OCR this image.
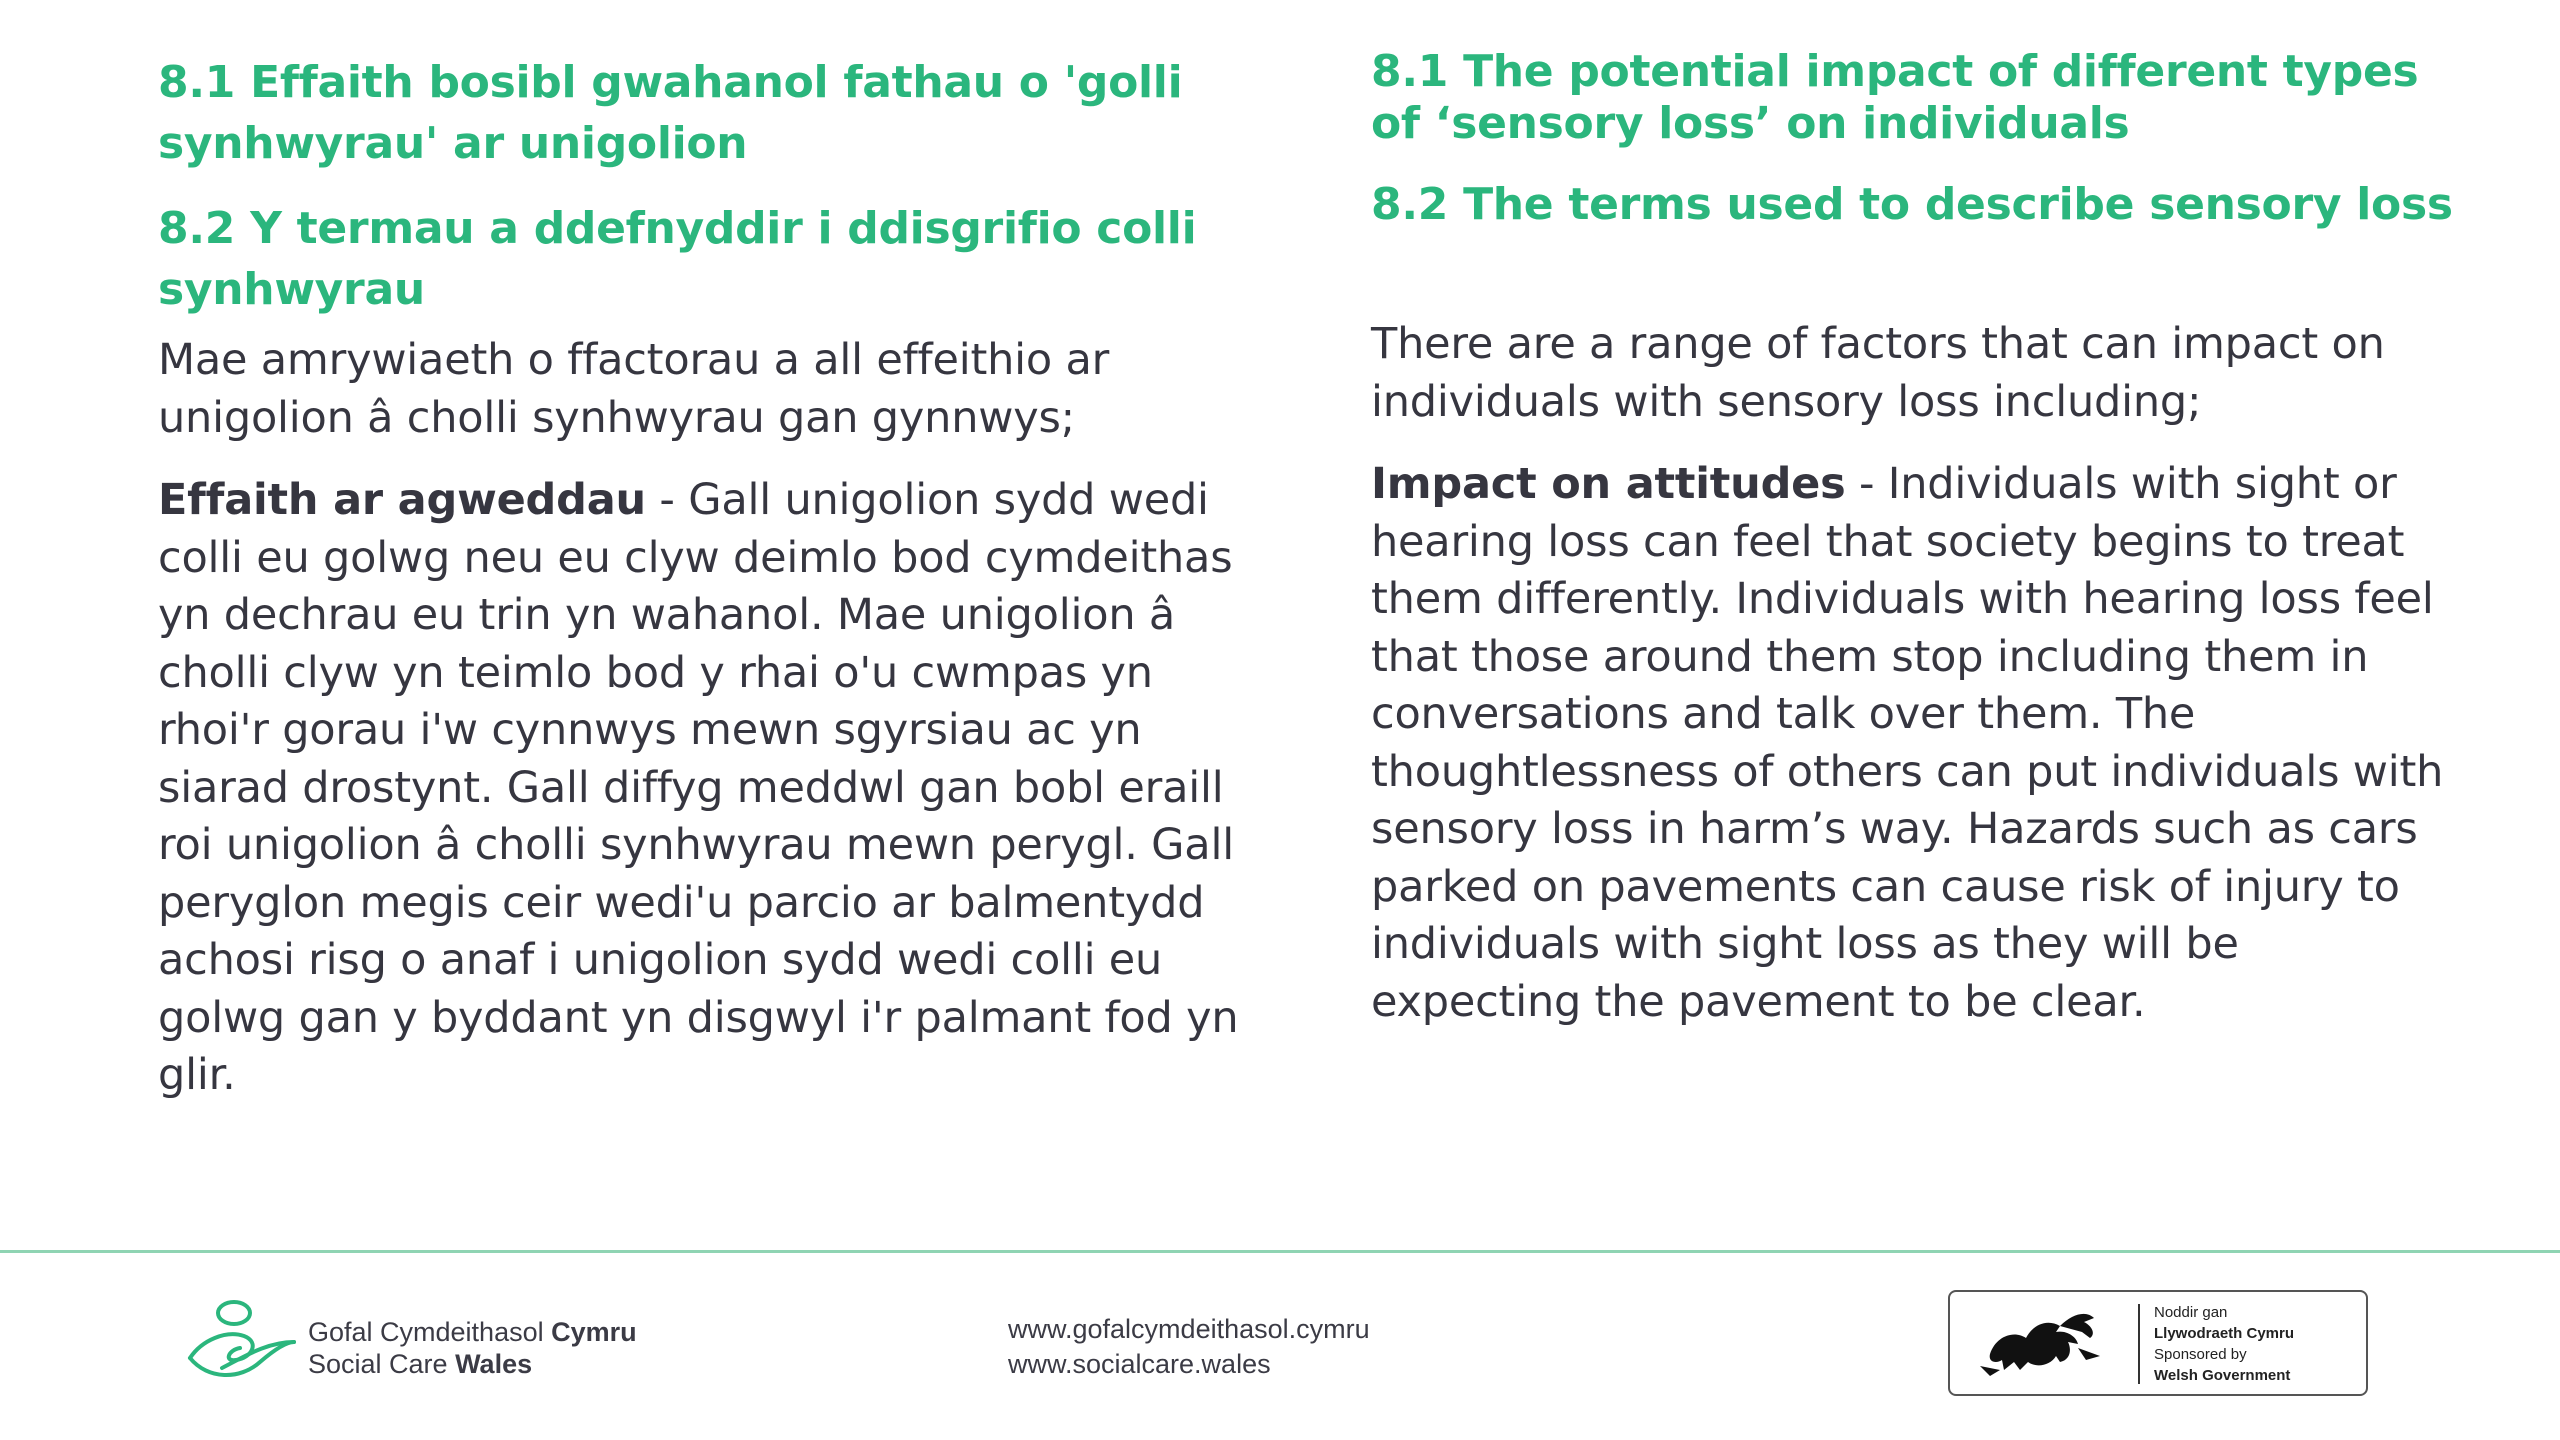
8.1 Effaith bosibl gwahanol fathau o 'golli synhwyrau' ar unigolion

8.2 Y termau a ddefnyddir i ddisgrifio colli synhwyrau

Mae amrywiaeth o ffactorau a all effeithio ar unigolion â cholli synhwyrau gan gynnwys;

Effaith ar agweddau - Gall unigolion sydd wedi colli eu golwg neu eu clyw deimlo bod cymdeithas yn dechrau eu trin yn wahanol. Mae unigolion â cholli clyw yn teimlo bod y rhai o'u cwmpas yn rhoi'r gorau i'w cynnwys mewn sgyrsiau ac yn siarad drostynt. Gall diffyg meddwl gan bobl eraill roi unigolion â cholli synhwyrau mewn perygl. Gall peryglon megis ceir wedi'u parcio ar balmentydd achosi risg o anaf i unigolion sydd wedi colli eu golwg gan y byddant yn disgwyl i'r palmant fod yn glir.

8.1 The potential impact of different types of ‘sensory loss’ on individuals

8.2 The terms used to describe sensory loss

There are a range of factors that can impact on individuals with sensory loss including;

Impact on attitudes - Individuals with sight or hearing loss can feel that society begins to treat them differently. Individuals with hearing loss feel that those around them stop including them in conversations and talk over them. The thoughtlessness of others can put individuals with sensory loss in harm’s way. Hazards such as cars parked on pavements can cause risk of injury to individuals with sight loss as they will be expecting the pavement to be clear.

Gofal Cymdeithasol Cymru
Social Care Wales
www.gofalcymdeithasol.cymru
www.socialcare.wales
Noddir gan
Llywodraeth Cymru
Sponsored by
Welsh Government
